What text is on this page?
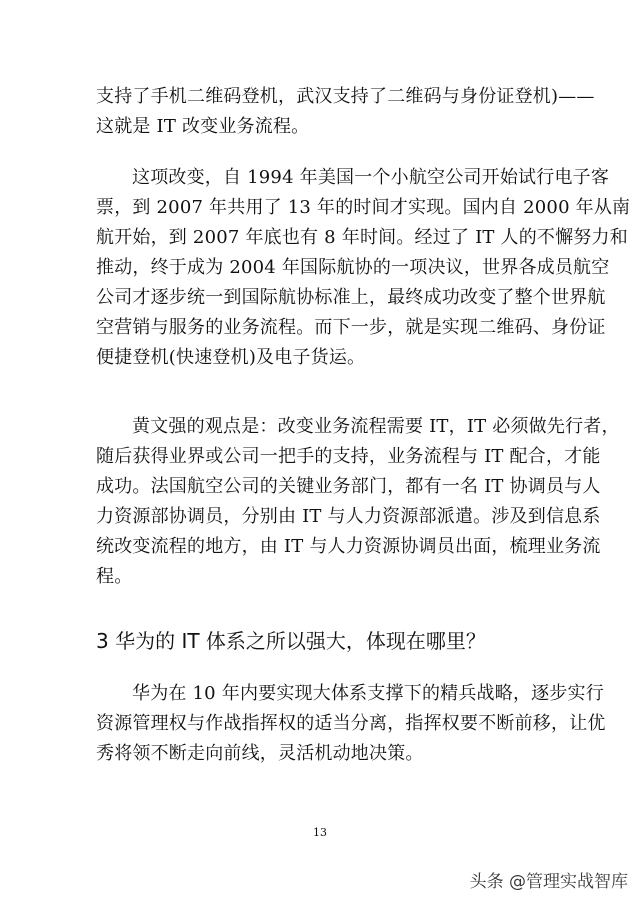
支持了手机二维码登机，武汉支持了二维码与身份证登机)——
这就是 IT 改变业务流程。
这项改变，自 1994 年美国一个小航空公司开始试行电子客
票，到 2007 年共用了 13 年的时间才实现。国内自 2000 年从南
航开始，到 2007 年底也有 8 年时间。经过了 IT 人的不懈努力和
推动，终于成为 2004 年国际航协的一项决议，世界各成员航空
公司才逐步统一到国际航协标准上，最终成功改变了整个世界航
空营销与服务的业务流程。而下一步，就是实现二维码、身份证
便捷登机(快速登机)及电子货运。
黄文强的观点是：改变业务流程需要 IT，IT 必须做先行者，
随后获得业界或公司一把手的支持，业务流程与 IT 配合，才能
成功。法国航空公司的关键业务部门，都有一名 IT 协调员与人
力资源部协调员，分别由 IT 与人力资源部派遣。涉及到信息系
统改变流程的地方，由 IT 与人力资源协调员出面，梳理业务流
程。
3 华为的 IT 体系之所以强大，体现在哪里？
华为在 10 年内要实现大体系支撑下的精兵战略，逐步实行
资源管理权与作战指挥权的适当分离，指挥权要不断前移，让优
秀将领不断走向前线，灵活机动地决策。
13
头条 @管理实战智库
